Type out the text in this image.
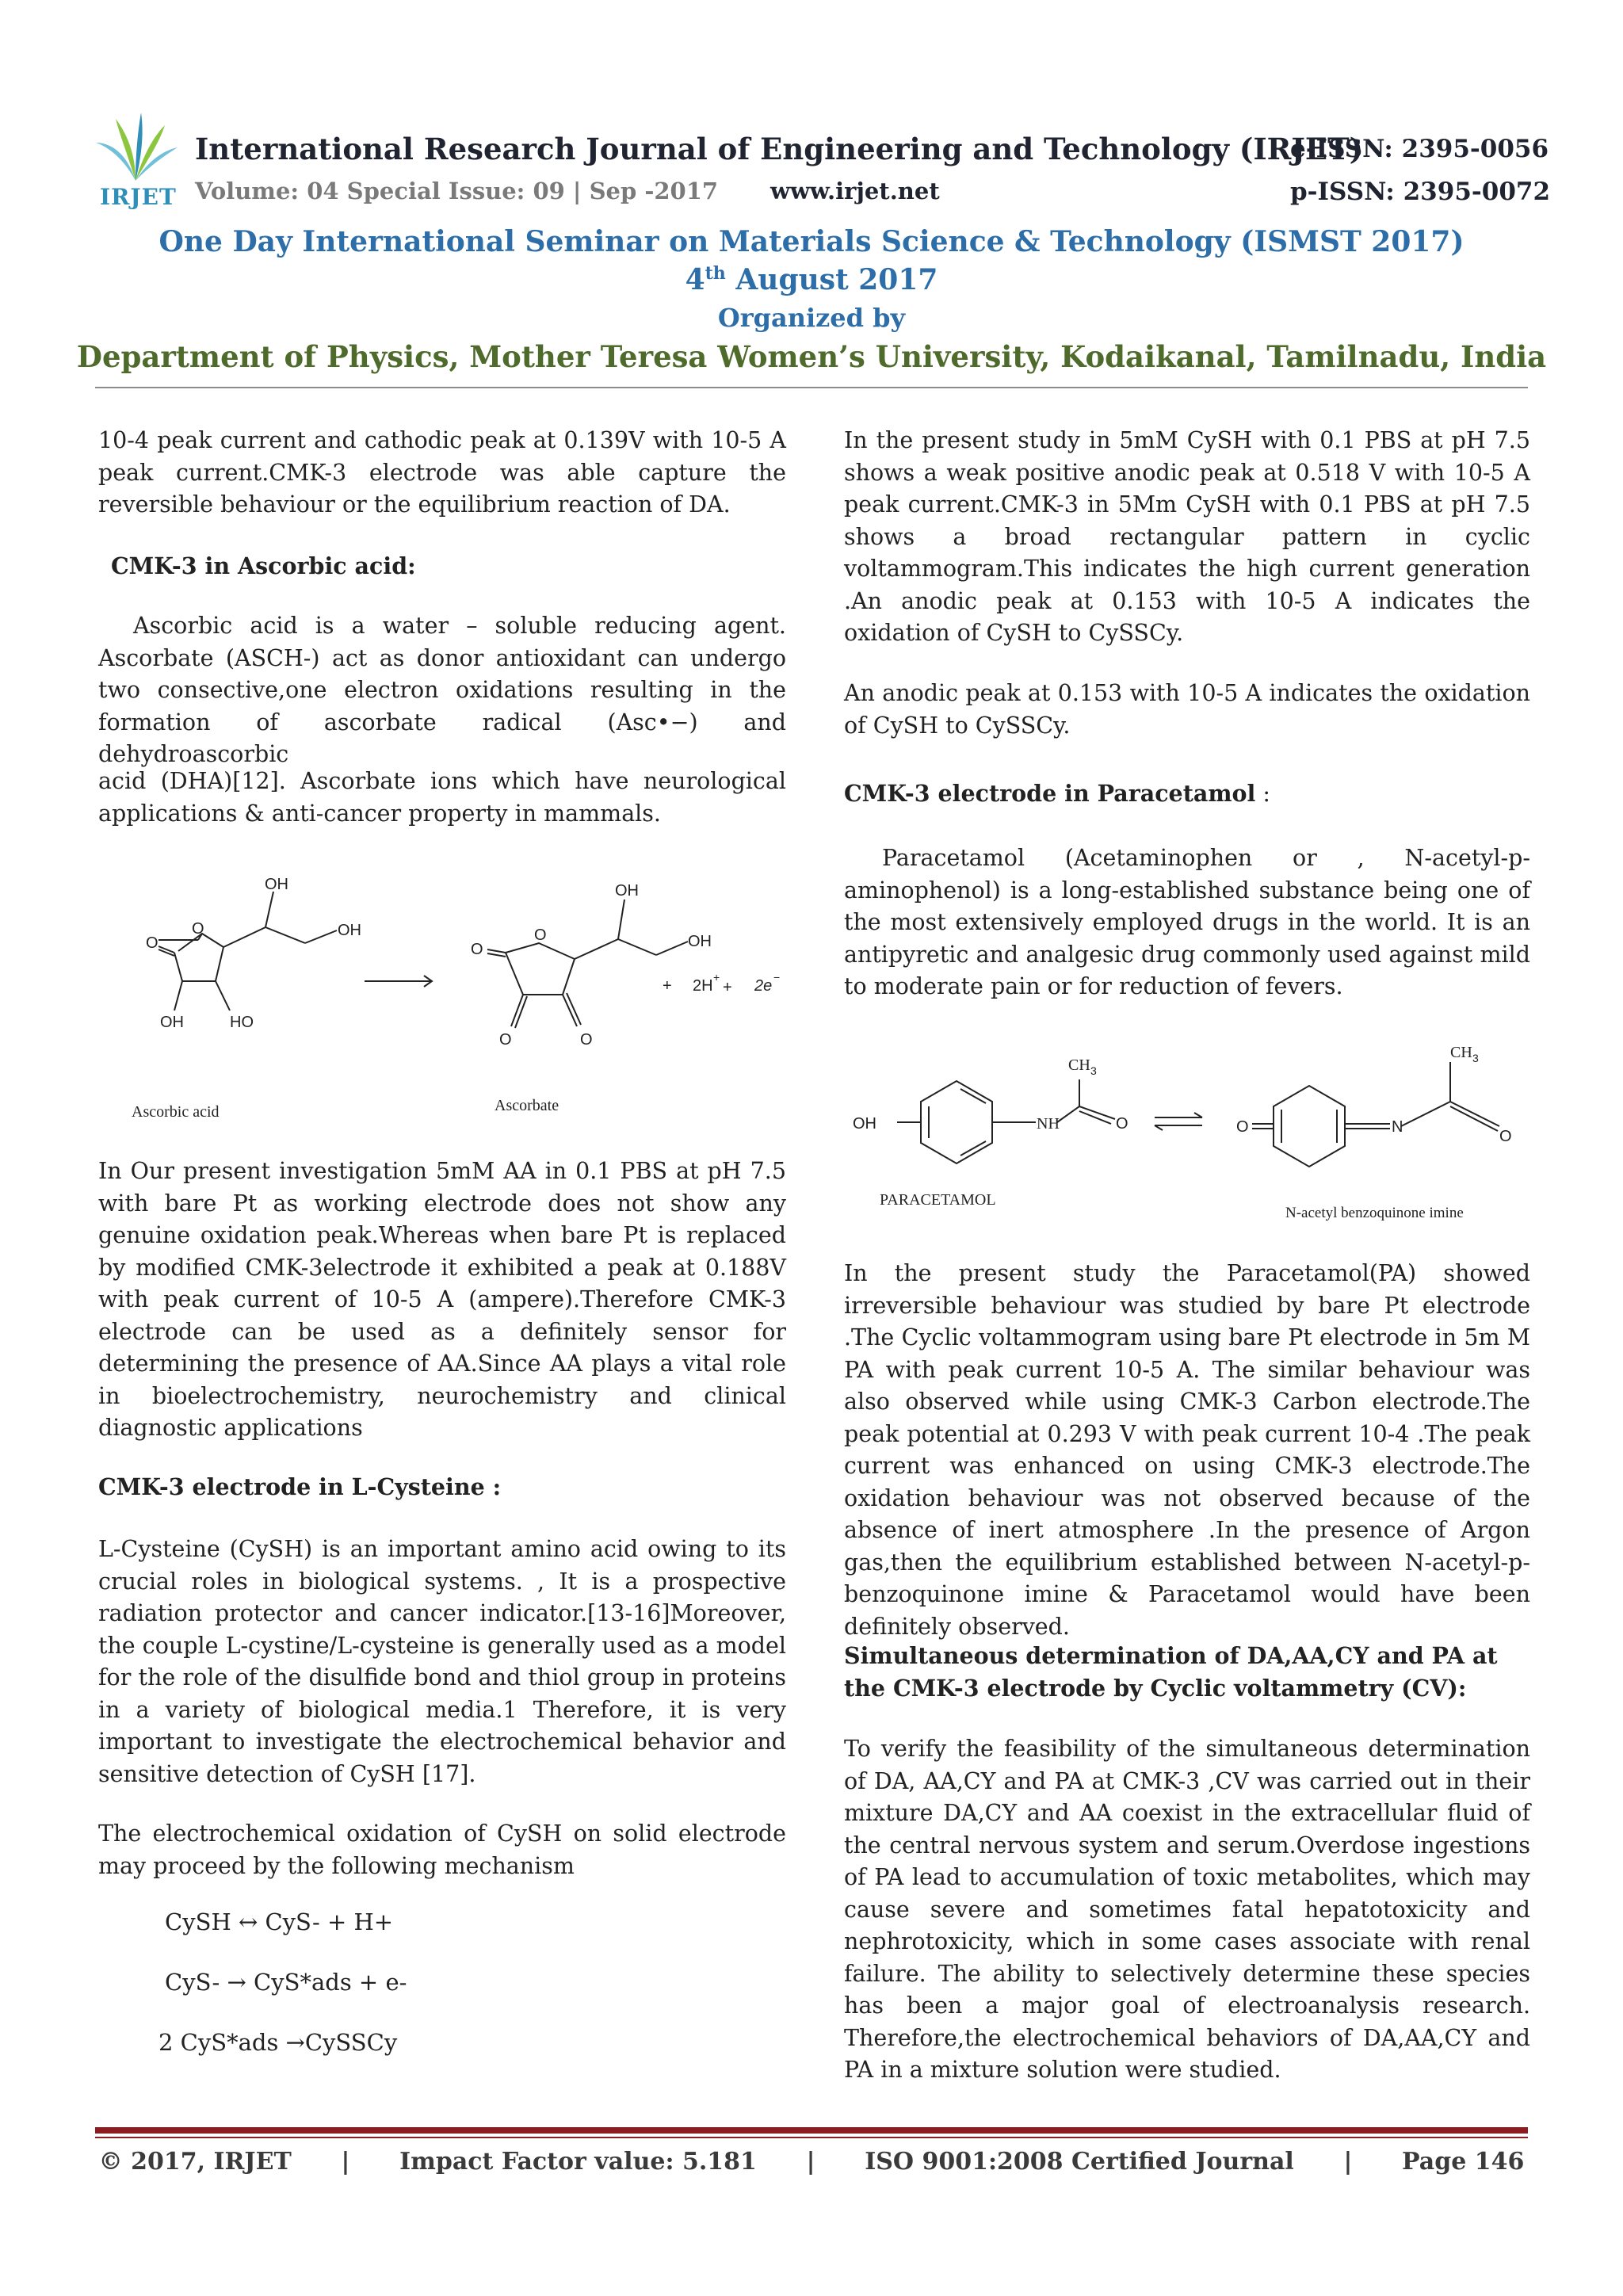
IRJET
International Research Journal of Engineering and Technology (IRJET)
e-ISSN: 2395-0056
Volume: 04 Special Issue: 09 | Sep -2017 www.irjet.net	p-ISSN: 2395-0072
One Day International Seminar on Materials Science & Technology (ISMST 2017)
4th August 2017
Organized by
Department of Physics, Mother Teresa Women’s University, Kodaikanal, Tamilnadu, India
10-4 peak current and cathodic peak at 0.139V with 10-5 A peak current.CMK-3 electrode was able capture the reversible behaviour or the equilibrium reaction of DA.
CMK-3 in Ascorbic acid:
Ascorbic acid is a water – soluble reducing agent. Ascorbate (ASCH-) act as donor antioxidant can undergo two consective,one electron oxidations resulting in the formation of ascorbate radical (Asc•−) and dehydroascorbic
acid (DHA)[12]. Ascorbate ions which have neurological applications & anti-cancer property in mammals.
O
O
OH
OH
OH	HO
O
O
OH
OH
O	O
+ 2H +
+ 2e −
Ascorbic acid	Ascorbate
In Our present investigation 5mM AA in 0.1 PBS at pH 7.5 with bare Pt as working electrode does not show any genuine oxidation peak.Whereas when bare Pt is replaced by modified CMK-3electrode it exhibited a peak at 0.188V with peak current of 10-5 A (ampere).Therefore CMK-3 electrode can be used as a definitely sensor for determining the presence of AA.Since AA plays a vital role in bioelectrochemistry, neurochemistry and clinical diagnostic applications
CMK-3 electrode in L-Cysteine :
L-Cysteine (CySH) is an important amino acid owing to its crucial roles in biological systems. , It is a prospective radiation protector and cancer indicator.[13-16]Moreover, the couple L-cystine/L-cysteine is generally used as a model for the role of the disulfide bond and thiol group in proteins in a variety of biological media.1 Therefore, it is very important to investigate the electrochemical behavior and sensitive detection of CySH [17].
The electrochemical oxidation of CySH on solid electrode may proceed by the following mechanism
CySH ↔ CyS- + H+
CyS- → CyS*ads + e-
2 CyS*ads →CySSCy
In the present study in 5mM CySH with 0.1 PBS at pH 7.5 shows a weak positive anodic peak at 0.518 V with 10-5 A peak current.CMK-3 in 5Mm CySH with 0.1 PBS at pH 7.5 shows a broad rectangular pattern in cyclic voltammogram.This indicates the high current generation .An anodic peak at 0.153 with 10-5 A indicates the oxidation of CySH to CySSCy.
An anodic peak at 0.153 with 10-5 A indicates the oxidation of CySH to CySSCy.
CMK-3 electrode in Paracetamol :
Paracetamol (Acetaminophen or , N-acetyl-p-aminophenol) is a long-established substance being one of the most extensively employed drugs in the world. It is an antipyretic and analgesic drug commonly used against mild to moderate pain or for reduction of fevers.
OH	NH
CH 3
O	O	N
CH 3
O
PARACETAMOL
N-acetyl benzoquinone imine
In the present study the Paracetamol(PA) showed irreversible behaviour was studied by bare Pt electrode .The Cyclic voltammogram using bare Pt electrode in 5m M PA with peak current 10-5 A. The similar behaviour was also observed while using CMK-3 Carbon electrode.The peak potential at 0.293 V with peak current 10-4 .The peak current was enhanced on using CMK-3 electrode.The oxidation behaviour was not observed because of the absence of inert atmosphere .In the presence of Argon gas,then the equilibrium established between N-acetyl-p-benzoquinone imine & Paracetamol would have been definitely observed.
Simultaneous determination of DA,AA,CY and PA at the CMK-3 electrode by Cyclic voltammetry (CV):
To verify the feasibility of the simultaneous determination of DA, AA,CY and PA at CMK-3 ,CV was carried out in their mixture DA,CY and AA coexist in the extracellular fluid of the central nervous system and serum.Overdose ingestions of PA lead to accumulation of toxic metabolites, which may cause severe and sometimes fatal hepatotoxicity and nephrotoxicity, which in some cases associate with renal failure. The ability to selectively determine these species has been a major goal of electroanalysis research. Therefore,the electrochemical behaviors of DA,AA,CY and PA in a mixture solution were studied.
© 2017, IRJET      |      Impact Factor value: 5.181      |      ISO 9001:2008 Certified Journal      |      Page 146
